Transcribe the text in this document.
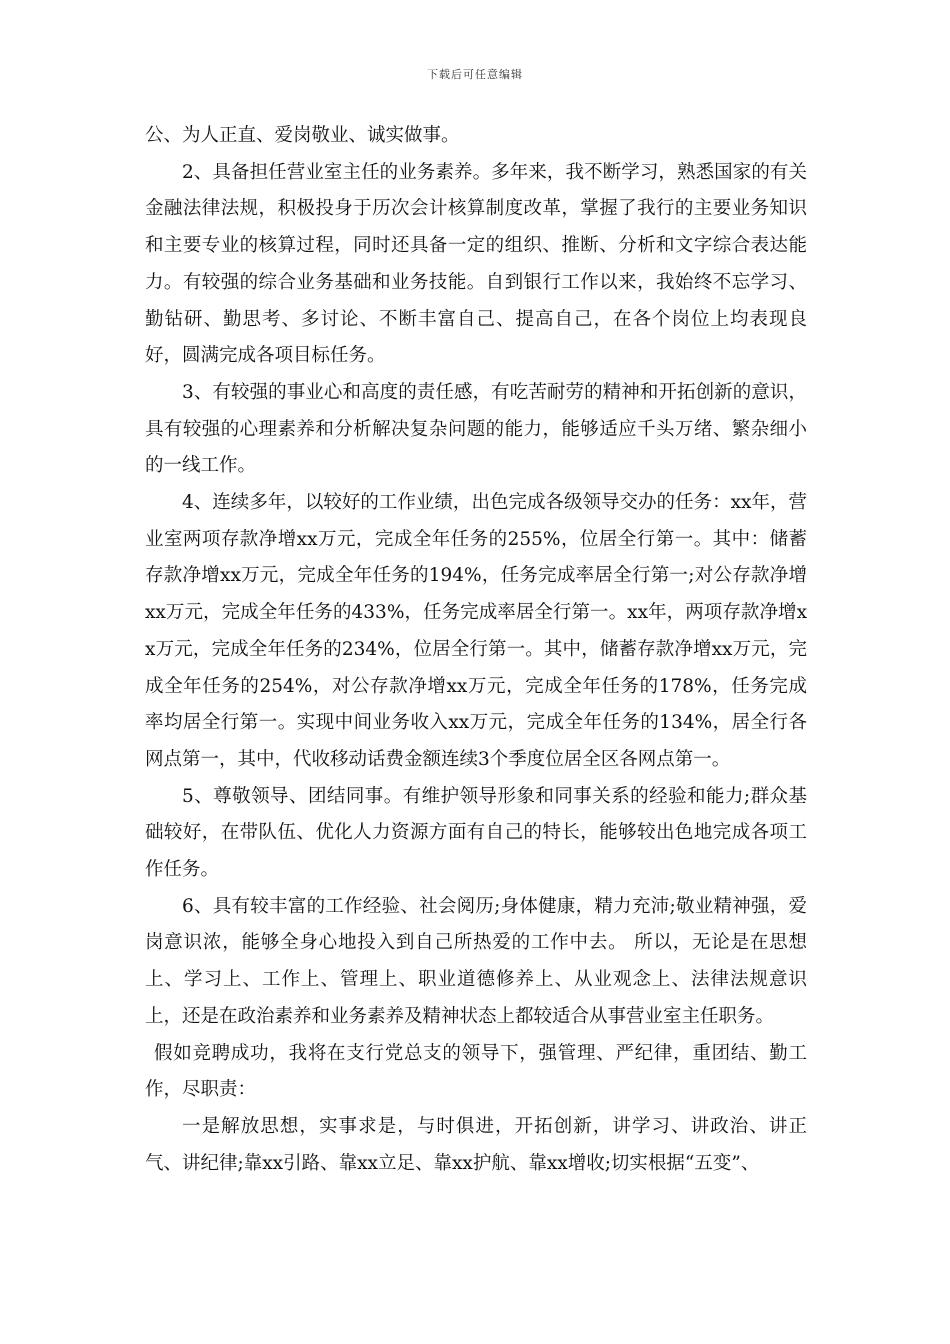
下载后可任意编辑

公、为人正直、爱岗敬业、诚实做事。

2、具备担任营业室主任的业务素养。多年来，我不断学习，熟悉国家的有关金融法律法规，积极投身于历次会计核算制度改革，掌握了我行的主要业务知识和主要专业的核算过程，同时还具备一定的组织、推断、分析和文字综合表达能力。有较强的综合业务基础和业务技能。自到银行工作以来，我始终不忘学习、勤钻研、勤思考、多讨论、不断丰富自己、提高自己，在各个岗位上均表现良好，圆满完成各项目标任务。

3、有较强的事业心和高度的责任感，有吃苦耐劳的精神和开拓创新的意识，具有较强的心理素养和分析解决复杂问题的能力，能够适应千头万绪、繁杂细小的一线工作。

4、连续多年，以较好的工作业绩，出色完成各级领导交办的任务：xx年，营业室两项存款净增xx万元，完成全年任务的255%，位居全行第一。其中：储蓄存款净增xx万元，完成全年任务的194%，任务完成率居全行第一;对公存款净增xx万元，完成全年任务的433%，任务完成率居全行第一。xx年，两项存款净增xx万元，完成全年任务的234%，位居全行第一。其中，储蓄存款净增xx万元，完成全年任务的254%，对公存款净增xx万元，完成全年任务的178%，任务完成率均居全行第一。实现中间业务收入xx万元，完成全年任务的134%，居全行各网点第一，其中，代收移动话费金额连续3个季度位居全区各网点第一。

5、尊敬领导、团结同事。有维护领导形象和同事关系的经验和能力;群众基础较好，在带队伍、优化人力资源方面有自己的特长，能够较出色地完成各项工作任务。

6、具有较丰富的工作经验、社会阅历;身体健康，精力充沛;敬业精神强，爱岗意识浓，能够全身心地投入到自己所热爱的工作中去。 所以，无论是在思想上、学习上、工作上、管理上、职业道德修养上、从业观念上、法律法规意识上，还是在政治素养和业务素养及精神状态上都较适合从事营业室主任职务。

假如竞聘成功，我将在支行党总支的领导下，强管理、严纪律，重团结、勤工作，尽职责：

一是解放思想，实事求是，与时俱进，开拓创新，讲学习、讲政治、讲正气、讲纪律;靠xx引路、靠xx立足、靠xx护航、靠xx增收;切实根据“五变”、
